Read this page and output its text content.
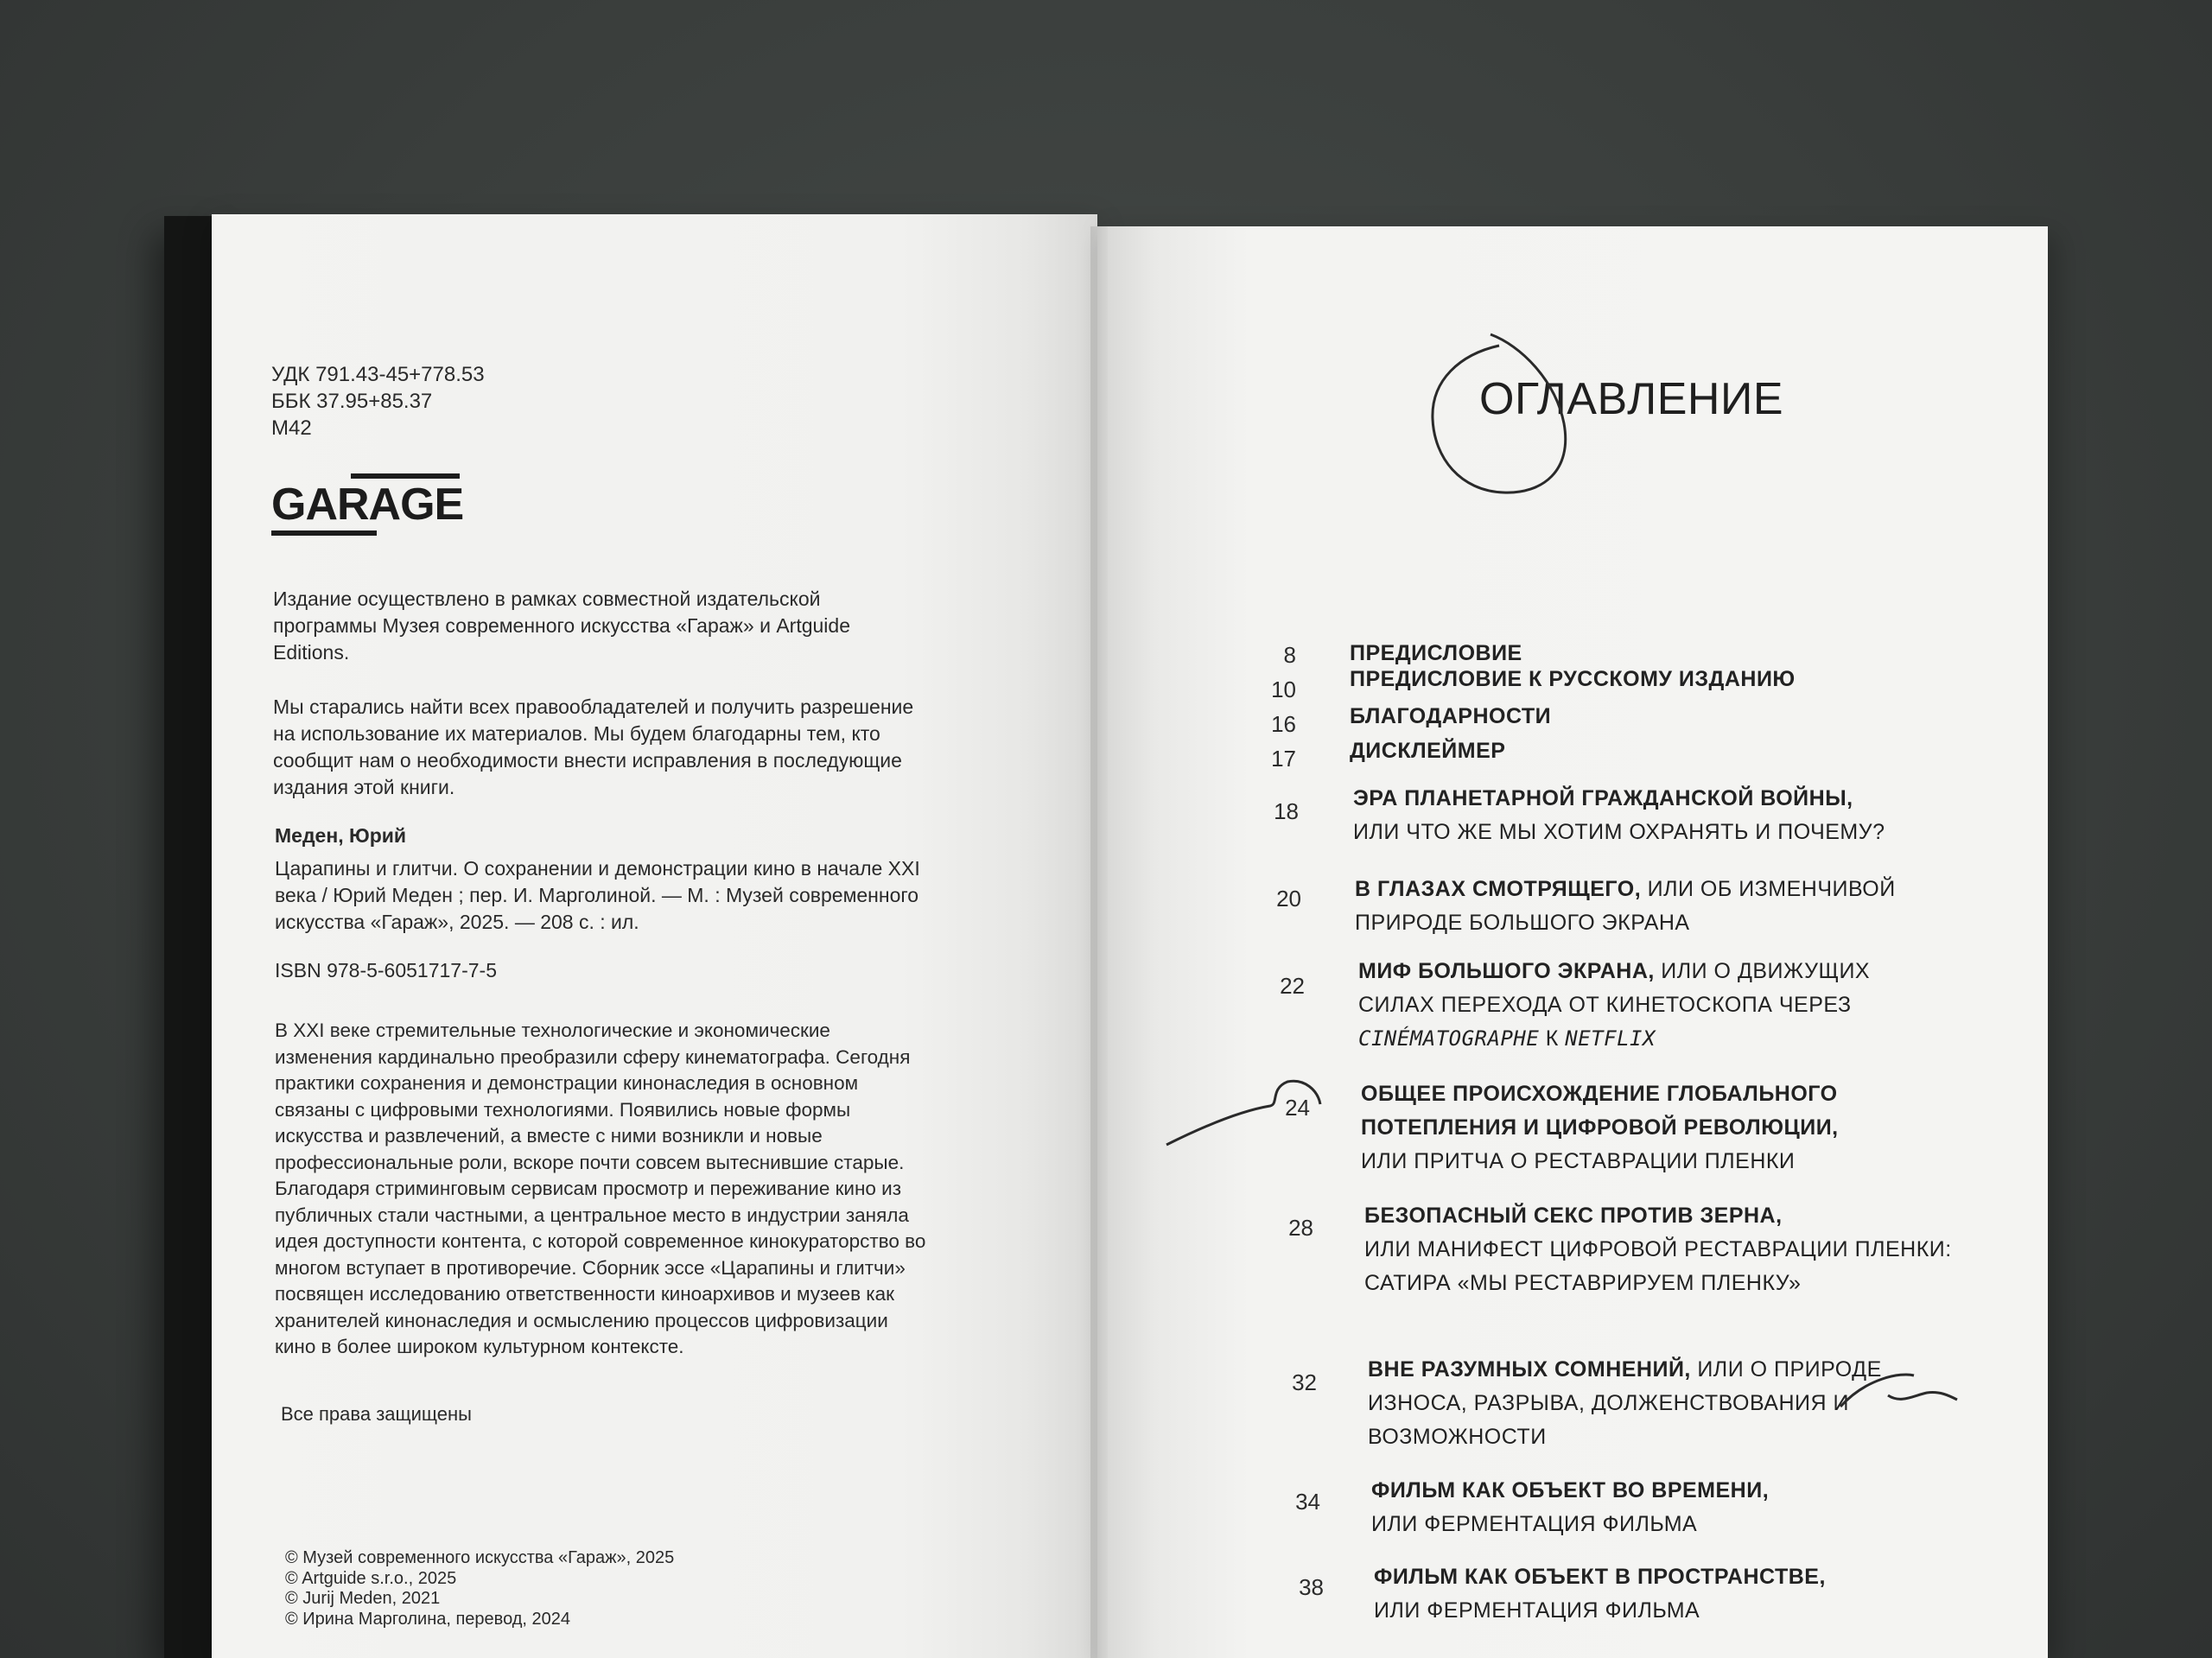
УДК 791.43-45+778.53
ББК 37.95+85.37
М42
GARAGE
Издание осуществлено в рамках совместной издательской программы Музея современного искусства «Гараж» и Artguide Editions.
Мы старались найти всех правообладателей и получить разрешение на использование их материалов. Мы будем благодарны тем, кто сообщит нам о необходимости внести исправления в последующие издания этой книги.
Меден, Юрий
Царапины и глитчи. О сохранении и демонстрации кино в начале XXI века / Юрий Меден ; пер. И. Марголиной. — М. : Музей современного искусства «Гараж», 2025. — 208 с. : ил.
ISBN 978-5-6051717-7-5
В XXI веке стремительные технологические и экономические изменения кардинально преобразили сферу кинематографа. Сегодня практики сохранения и демонстрации кинонаследия в основном связаны с цифровыми технологиями. Появились новые формы искусства и развлечений, а вместе с ними возникли и новые профессиональные роли, вскоре почти совсем вытеснившие старые. Благодаря стриминговым сервисам просмотр и переживание кино из публичных стали частными, а центральное место в индустрии заняла идея доступности контента, с которой современное кинокураторство во многом вступает в противоречие. Сборник эссе «Царапины и глитчи» посвящен исследованию ответственности киноархивов и музеев как хранителей кинонаследия и осмыслению процессов цифровизации кино в более широком культурном контексте.
Все права защищены
© Музей современного искусства «Гараж», 2025
© Artguide s.r.o., 2025
© Jurij Meden, 2021
© Ирина Марголина, перевод, 2024
ОГЛАВЛЕНИЕ
8 ПРЕДИСЛОВИЕ
10 ПРЕДИСЛОВИЕ К РУССКОМУ ИЗДАНИЮ
16 БЛАГОДАРНОСТИ
17 ДИСКЛЕЙМЕР
18	ЭРА ПЛАНЕТАРНОЙ ГРАЖДАНСКОЙ ВОЙНЫ,
ИЛИ ЧТО ЖЕ МЫ ХОТИМ ОХРАНЯТЬ И ПОЧЕМУ?
20 В ГЛАЗАХ СМОТРЯЩЕГО, ИЛИ ОБ ИЗМЕНЧИВОЙ ПРИРОДЕ БОЛЬШОГО ЭКРАНА
22
МИФ БОЛЬШОГО ЭКРАНА, ИЛИ О ДВИЖУЩИХ СИЛАХ ПЕРЕХОДА ОТ КИНЕТОСКОПА ЧЕРЕЗ
CINÉMATOGRAPHE К NETFLIX
24
ОБЩЕЕ ПРОИСХОЖДЕНИЕ ГЛОБАЛЬНОГО ПОТЕПЛЕНИЯ И ЦИФРОВОЙ РЕВОЛЮЦИИ,
ИЛИ ПРИТЧА О РЕСТАВРАЦИИ ПЛЕНКИ
28 БЕЗОПАСНЫЙ СЕКС ПРОТИВ ЗЕРНА,
ИЛИ МАНИФЕСТ ЦИФРОВОЙ РЕСТАВРАЦИИ ПЛЕНКИ: САТИРА «МЫ РЕСТАВРИРУЕМ ПЛЕНКУ»
32 ВНЕ РАЗУМНЫХ СОМНЕНИЙ, ИЛИ О ПРИРОДЕ ИЗНОСА, РАЗРЫВА, ДОЛЖЕНСТВОВАНИЯ И ВОЗМОЖНОСТИ
34 ФИЛЬМ КАК ОБЪЕКТ ВО ВРЕМЕНИ,
ИЛИ ФЕРМЕНТАЦИЯ ФИЛЬМА
38 ФИЛЬМ КАК ОБЪЕКТ В ПРОСТРАНСТВЕ,
ИЛИ ФЕРМЕНТАЦИЯ ФИЛЬМА
